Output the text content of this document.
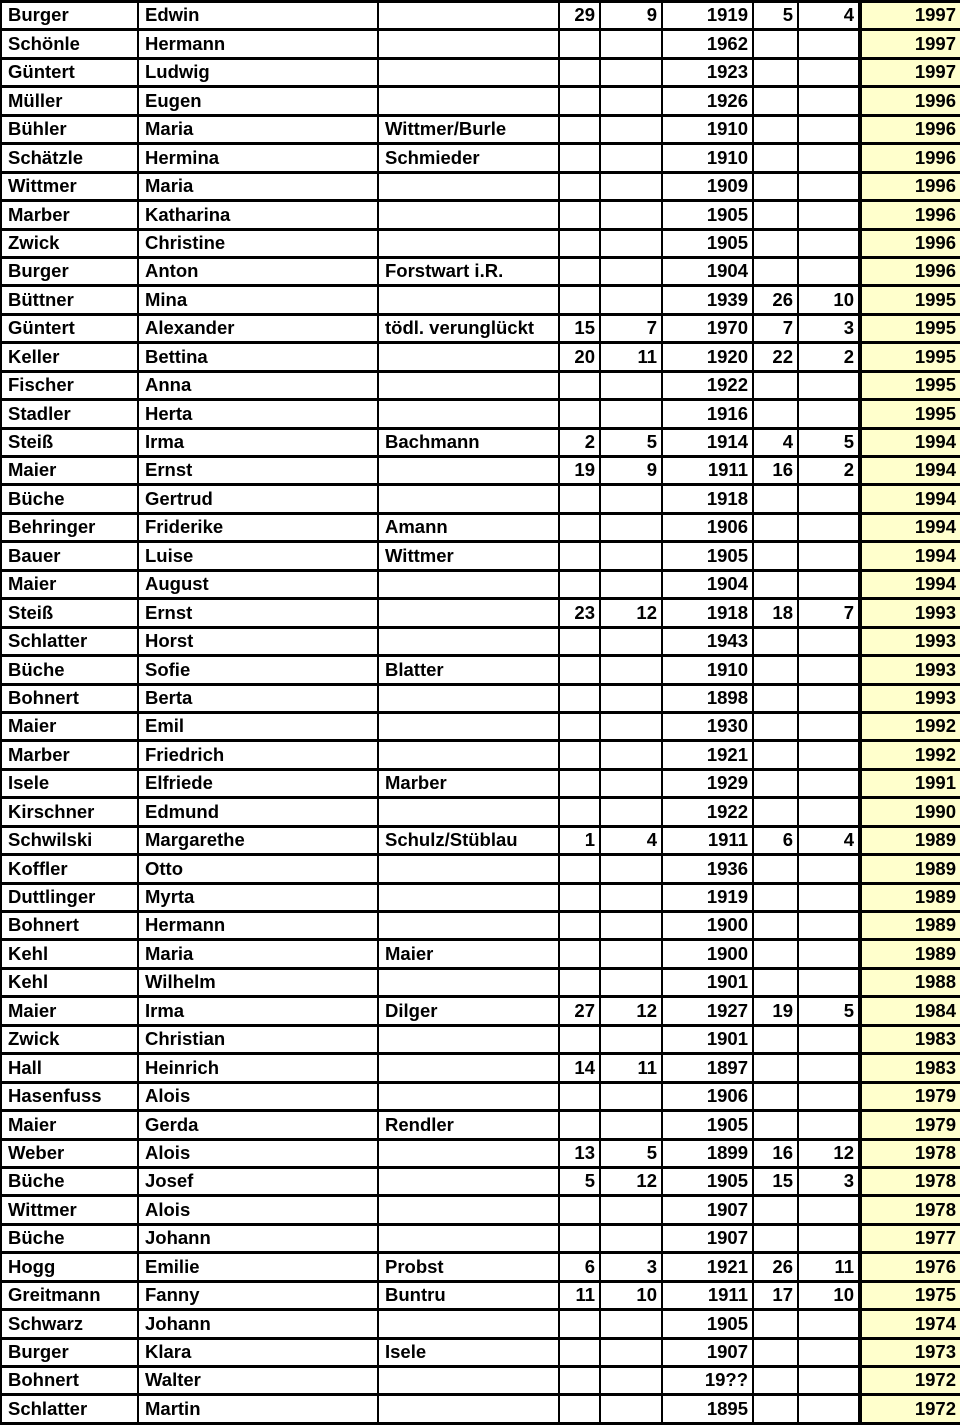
Burger	Edwin		29	9	1919	5	4	1997
Schönle	Hermann				1962			1997
Güntert	Ludwig				1923			1997
Müller	Eugen				1926			1996
Bühler	Maria	Wittmer/Burle			1910			1996
Schätzle	Hermina	Schmieder			1910			1996
Wittmer	Maria				1909			1996
Marber	Katharina				1905			1996
Zwick	Christine				1905			1996
Burger	Anton	Forstwart i.R.			1904			1996
Büttner	Mina				1939	26	10	1995
Güntert	Alexander	tödl. verunglückt	15	7	1970	7	3	1995
Keller	Bettina		20	11	1920	22	2	1995
Fischer	Anna				1922			1995
Stadler	Herta				1916			1995
Steiß	Irma	Bachmann	2	5	1914	4	5	1994
Maier	Ernst		19	9	1911	16	2	1994
Büche	Gertrud				1918			1994
Behringer	Friderike	Amann			1906			1994
Bauer	Luise	Wittmer			1905			1994
Maier	August				1904			1994
Steiß	Ernst		23	12	1918	18	7	1993
Schlatter	Horst				1943			1993
Büche	Sofie	Blatter			1910			1993
Bohnert	Berta				1898			1993
Maier	Emil				1930			1992
Marber	Friedrich				1921			1992
Isele	Elfriede	Marber			1929			1991
Kirschner	Edmund				1922			1990
Schwilski	Margarethe	Schulz/Stüblau	1	4	1911	6	4	1989
Koffler	Otto				1936			1989
Duttlinger	Myrta				1919			1989
Bohnert	Hermann				1900			1989
Kehl	Maria	Maier			1900			1989
Kehl	Wilhelm				1901			1988
Maier	Irma	Dilger	27	12	1927	19	5	1984
Zwick	Christian				1901			1983
Hall	Heinrich		14	11	1897			1983
Hasenfuss	Alois				1906			1979
Maier	Gerda	Rendler			1905			1979
Weber	Alois		13	5	1899	16	12	1978
Büche	Josef		5	12	1905	15	3	1978
Wittmer	Alois				1907			1978
Büche	Johann				1907			1977
Hogg	Emilie	Probst	6	3	1921	26	11	1976
Greitmann	Fanny	Buntru	11	10	1911	17	10	1975
Schwarz	Johann				1905			1974
Burger	Klara	Isele			1907			1973
Bohnert	Walter				19??			1972
Schlatter	Martin				1895			1972
